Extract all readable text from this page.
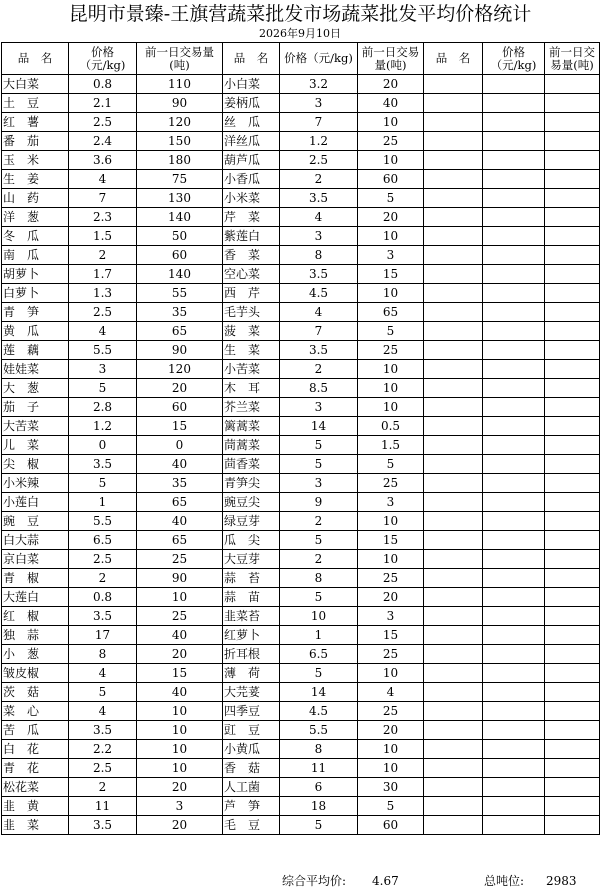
昆明市景臻-王旗营蔬菜批发市场蔬菜批发平均价格统计
2026年9月10日
品　名	价格（元/kg)	前一日交易量(吨)	品　名	价格（元/kg)	前一日交易量(吨)	品　名	价格（元/kg)	前一日交易量(吨)
大白菜	0.8	110	小白菜	3.2	20			
土　豆	2.1	90	姜柄瓜	3	40			
红　薯	2.5	120	丝　瓜	7	10			
番　茄	2.4	150	洋丝瓜	1.2	25			
玉　米	3.6	180	葫芦瓜	2.5	10			
生　姜	4	75	小香瓜	2	60			
山　药	7	130	小米菜	3.5	5			
洋　葱	2.3	140	芹　菜	4	20			
冬　瓜	1.5	50	紫莲白	3	10			
南　瓜	2	60	香　菜	8	3			
胡萝卜	1.7	140	空心菜	3.5	15			
白萝卜	1.3	55	西　芹	4.5	10			
青　笋	2.5	35	毛芋头	4	65			
黄　瓜	4	65	菠　菜	7	5			
莲　藕	5.5	90	生　菜	3.5	25			
娃娃菜	3	120	小苦菜	2	10			
大　葱	5	20	木　耳	8.5	10			
茄　子	2.8	60	芥兰菜	3	10			
大苦菜	1.2	15	篱蒿菜	14	0.5			
儿　菜	0	0	茼蒿菜	5	1.5			
尖　椒	3.5	40	茴香菜	5	5			
小米辣	5	35	青笋尖	3	25			
小莲白	1	65	豌豆尖	9	3			
豌　豆	5.5	40	绿豆芽	2	10			
白大蒜	6.5	65	瓜　尖	5	15			
京白菜	2.5	25	大豆芽	2	10			
青　椒	2	90	蒜　苔	8	25			
大莲白	0.8	10	蒜　苗	5	20			
红　椒	3.5	25	韭菜苔	10	3			
独　蒜	17	40	红萝卜	1	15			
小　葱	8	20	折耳根	6.5	25			
皱皮椒	4	15	薄　荷	5	10			
茨　菇	5	40	大芫荽	14	4			
菜　心	4	10	四季豆	4.5	25			
苦　瓜	3.5	10	豇　豆	5.5	20			
白　花	2.2	10	小黄瓜	8	10			
青　花	2.5	10	香　菇	11	10			
松花菜	2	20	人工菌	6	30			
韭　黄	11	3	芦　笋	18	5			
韭　菜	3.5	20	毛　豆	5	60			
综合平均价: 4.67	总吨位: 2983
